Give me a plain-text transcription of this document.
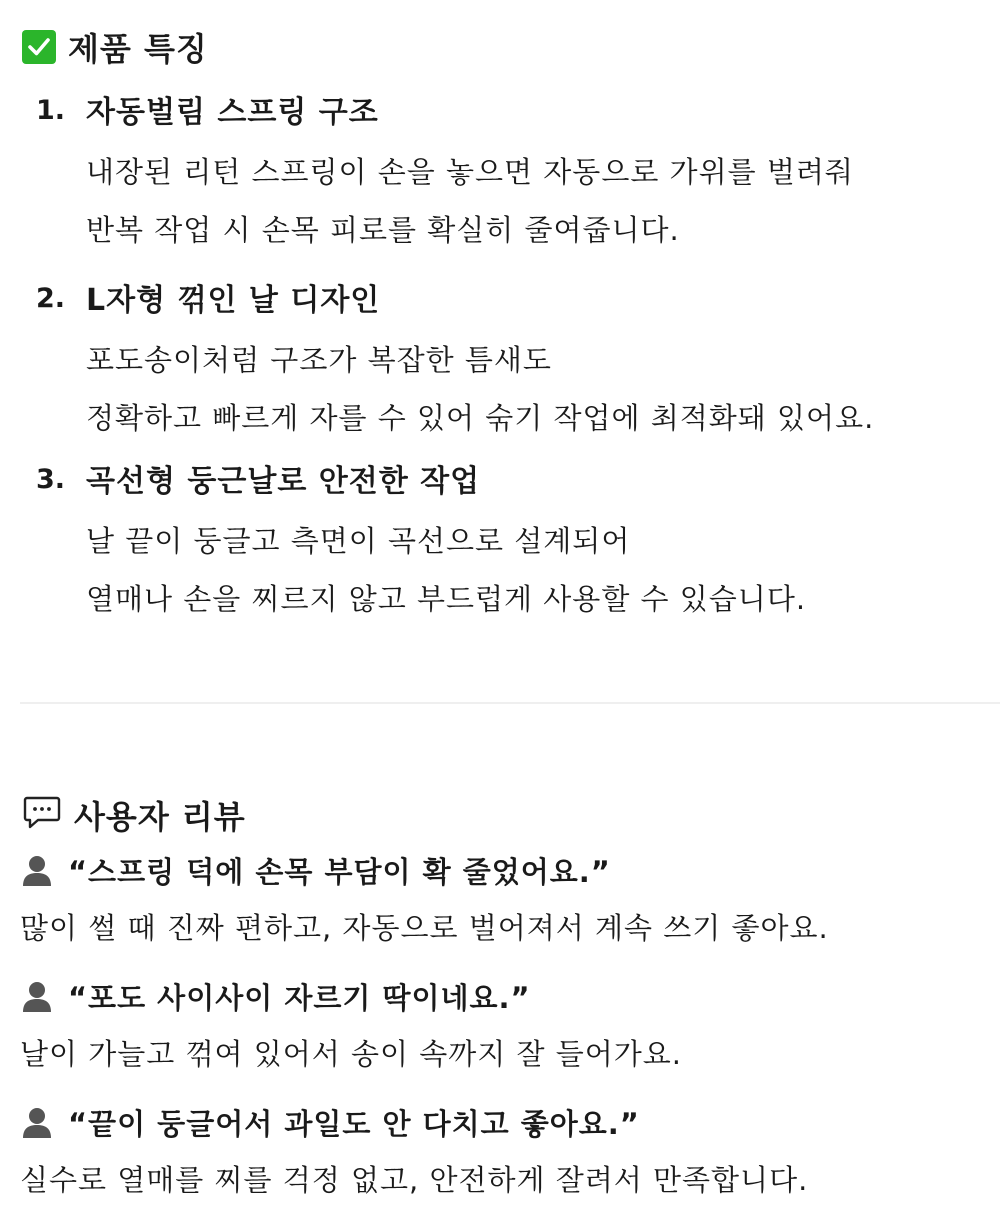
제품 특징
1. 자동벌림 스프링 구조
내장된 리턴 스프링이 손을 놓으면 자동으로 가위를 벌려줘
반복 작업 시 손목 피로를 확실히 줄여줍니다.
2. L자형 꺾인 날 디자인
포도송이처럼 구조가 복잡한 틈새도
정확하고 빠르게 자를 수 있어 숚기 작업에 최적화돼 있어요.
3. 곡선형 둥근날로 안전한 작업
날 끝이 둥글고 측면이 곡선으로 설계되어
열매나 손을 찌르지 않고 부드럽게 사용할 수 있습니다.
사용자 리뷰
“스프링 덕에 손목 부담이 확 줄었어요.”
많이 썰 때 진짜 편하고, 자동으로 벌어져서 계속 쓰기 좋아요.
“포도 사이사이 자르기 딱이네요.”
날이 가늘고 꺾여 있어서 송이 속까지 잘 들어가요.
“끝이 둥글어서 과일도 안 다치고 좋아요.”
실수로 열매를 찌를 걱정 없고, 안전하게 잘려서 만족합니다.
